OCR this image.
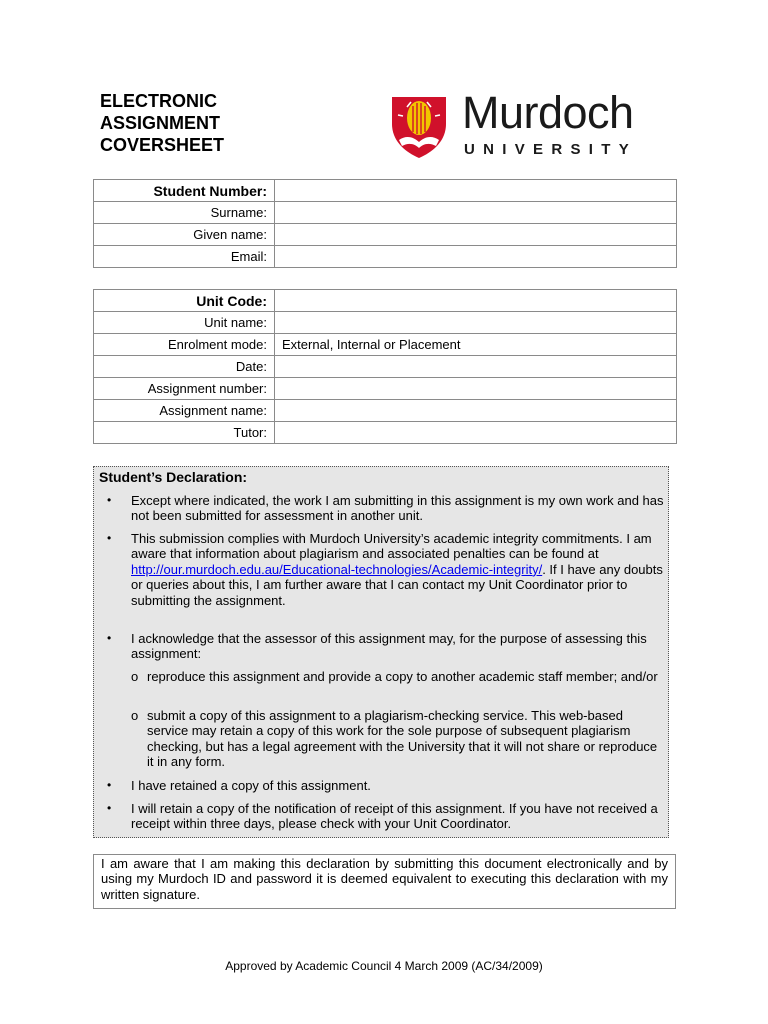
ELECTRONIC
ASSIGNMENT
COVERSHEET
Murdoch
UNIVERSITY
Student Number:	
Surname:	
Given name:	
Email:	
Unit Code:	
Unit name:	
Enrolment mode:	External, Internal or Placement
Date:	
Assignment number:	
Assignment name:	
Tutor:	
Student’s Declaration:
• Except where indicated, the work I am submitting in this assignment is my own work and has not been submitted for assessment in another unit.
• This submission complies with Murdoch University’s academic integrity commitments. I am aware that information about plagiarism and associated penalties can be found at http://our.murdoch.edu.au/Educational-technologies/Academic-integrity/. If I have any doubts or queries about this, I am further aware that I can contact my Unit Coordinator prior to submitting the assignment.
• I acknowledge that the assessor of this assignment may, for the purpose of assessing this assignment:
o reproduce this assignment and provide a copy to another academic staff member; and/or
o submit a copy of this assignment to a plagiarism-checking service. This web-based service may retain a copy of this work for the sole purpose of subsequent plagiarism checking, but has a legal agreement with the University that it will not share or reproduce it in any form.
• I have retained a copy of this assignment.
• I will retain a copy of the notification of receipt of this assignment. If you have not received a receipt within three days, please check with your Unit Coordinator.
I am aware that I am making this declaration by submitting this document electronically and by using my Murdoch ID and password it is deemed equivalent to executing this declaration with my written signature.
Approved by Academic Council 4 March 2009 (AC/34/2009)
